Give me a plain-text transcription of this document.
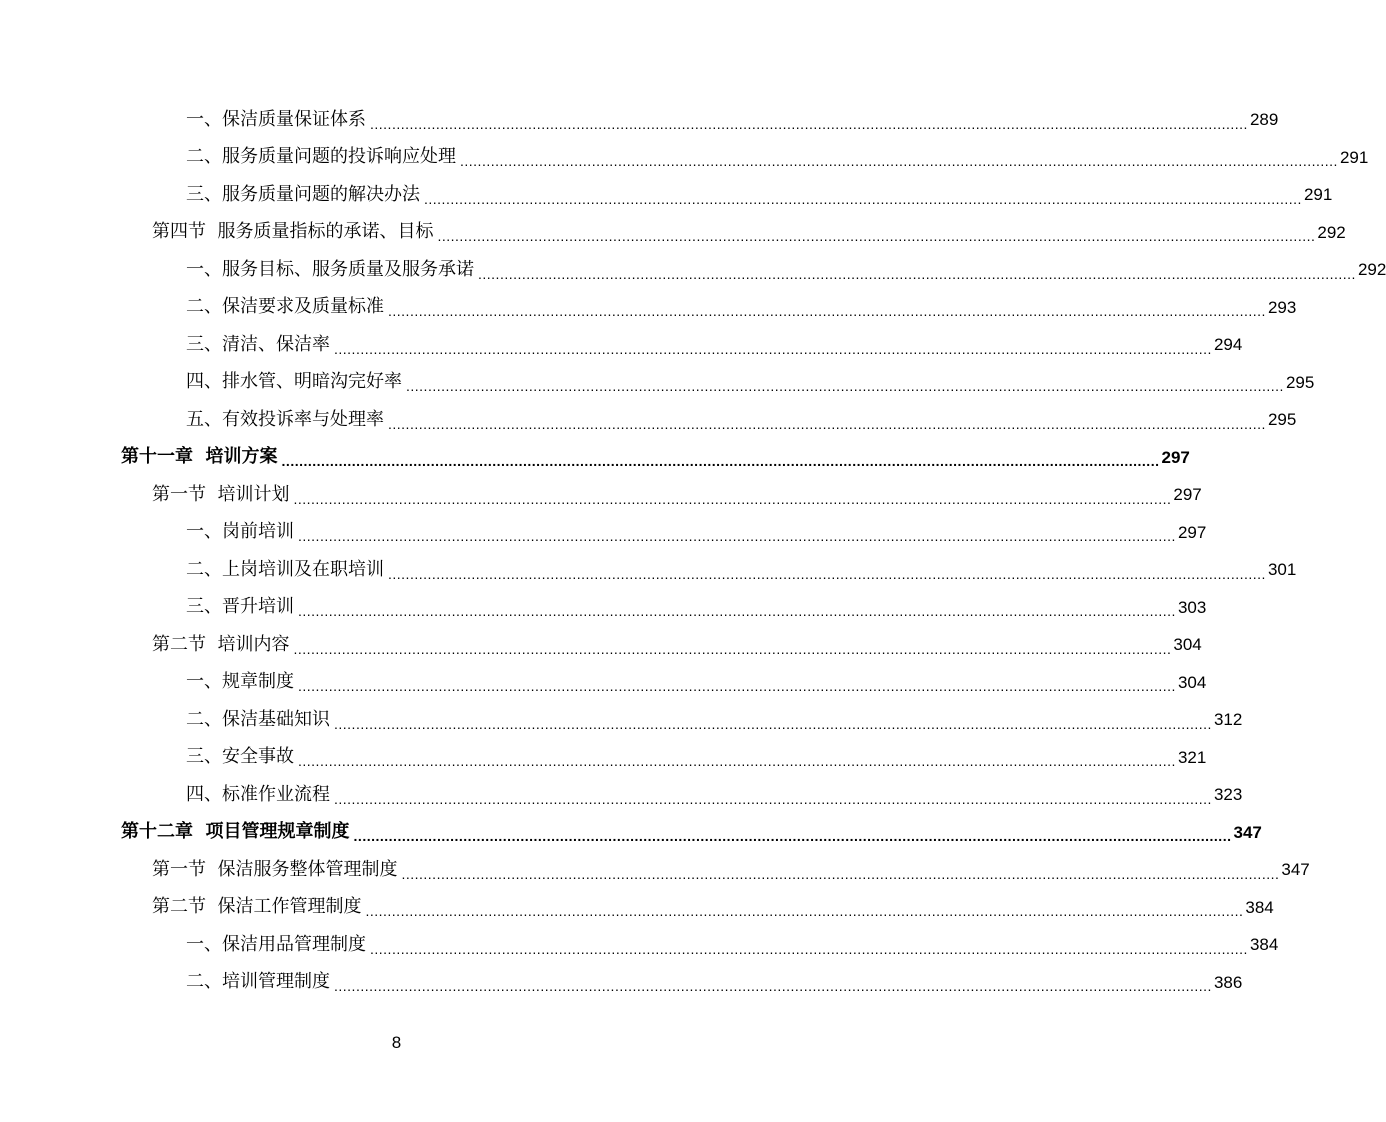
一、保洁质量保证体系 ........................................................................................................................................................................................................ 289
二、服务质量问题的投诉响应处理 ........................................................................................................................................................................................................ 291
三、服务质量问题的解决办法 ........................................................................................................................................................................................................ 291
第四节  服务质量指标的承诺、目标 ........................................................................................................................................................................................................ 292
一、服务目标、服务质量及服务承诺 ........................................................................................................................................................................................................ 292
二、保洁要求及质量标准 ........................................................................................................................................................................................................ 293
三、清洁、保洁率 ........................................................................................................................................................................................................ 294
四、排水管、明暗沟完好率 ........................................................................................................................................................................................................ 295
五、有效投诉率与处理率 ........................................................................................................................................................................................................ 295
第十一章  培训方案 ........................................................................................................................................................................................................ 297
第一节  培训计划 ........................................................................................................................................................................................................ 297
一、岗前培训 ........................................................................................................................................................................................................ 297
二、上岗培训及在职培训 ........................................................................................................................................................................................................ 301
三、晋升培训 ........................................................................................................................................................................................................ 303
第二节  培训内容 ........................................................................................................................................................................................................ 304
一、规章制度 ........................................................................................................................................................................................................ 304
二、保洁基础知识 ........................................................................................................................................................................................................ 312
三、安全事故 ........................................................................................................................................................................................................ 321
四、标准作业流程 ........................................................................................................................................................................................................ 323
第十二章  项目管理规章制度 ........................................................................................................................................................................................................ 347
第一节  保洁服务整体管理制度 ........................................................................................................................................................................................................ 347
第二节  保洁工作管理制度 ........................................................................................................................................................................................................ 384
一、保洁用品管理制度 ........................................................................................................................................................................................................ 384
二、培训管理制度 ........................................................................................................................................................................................................ 386
8
